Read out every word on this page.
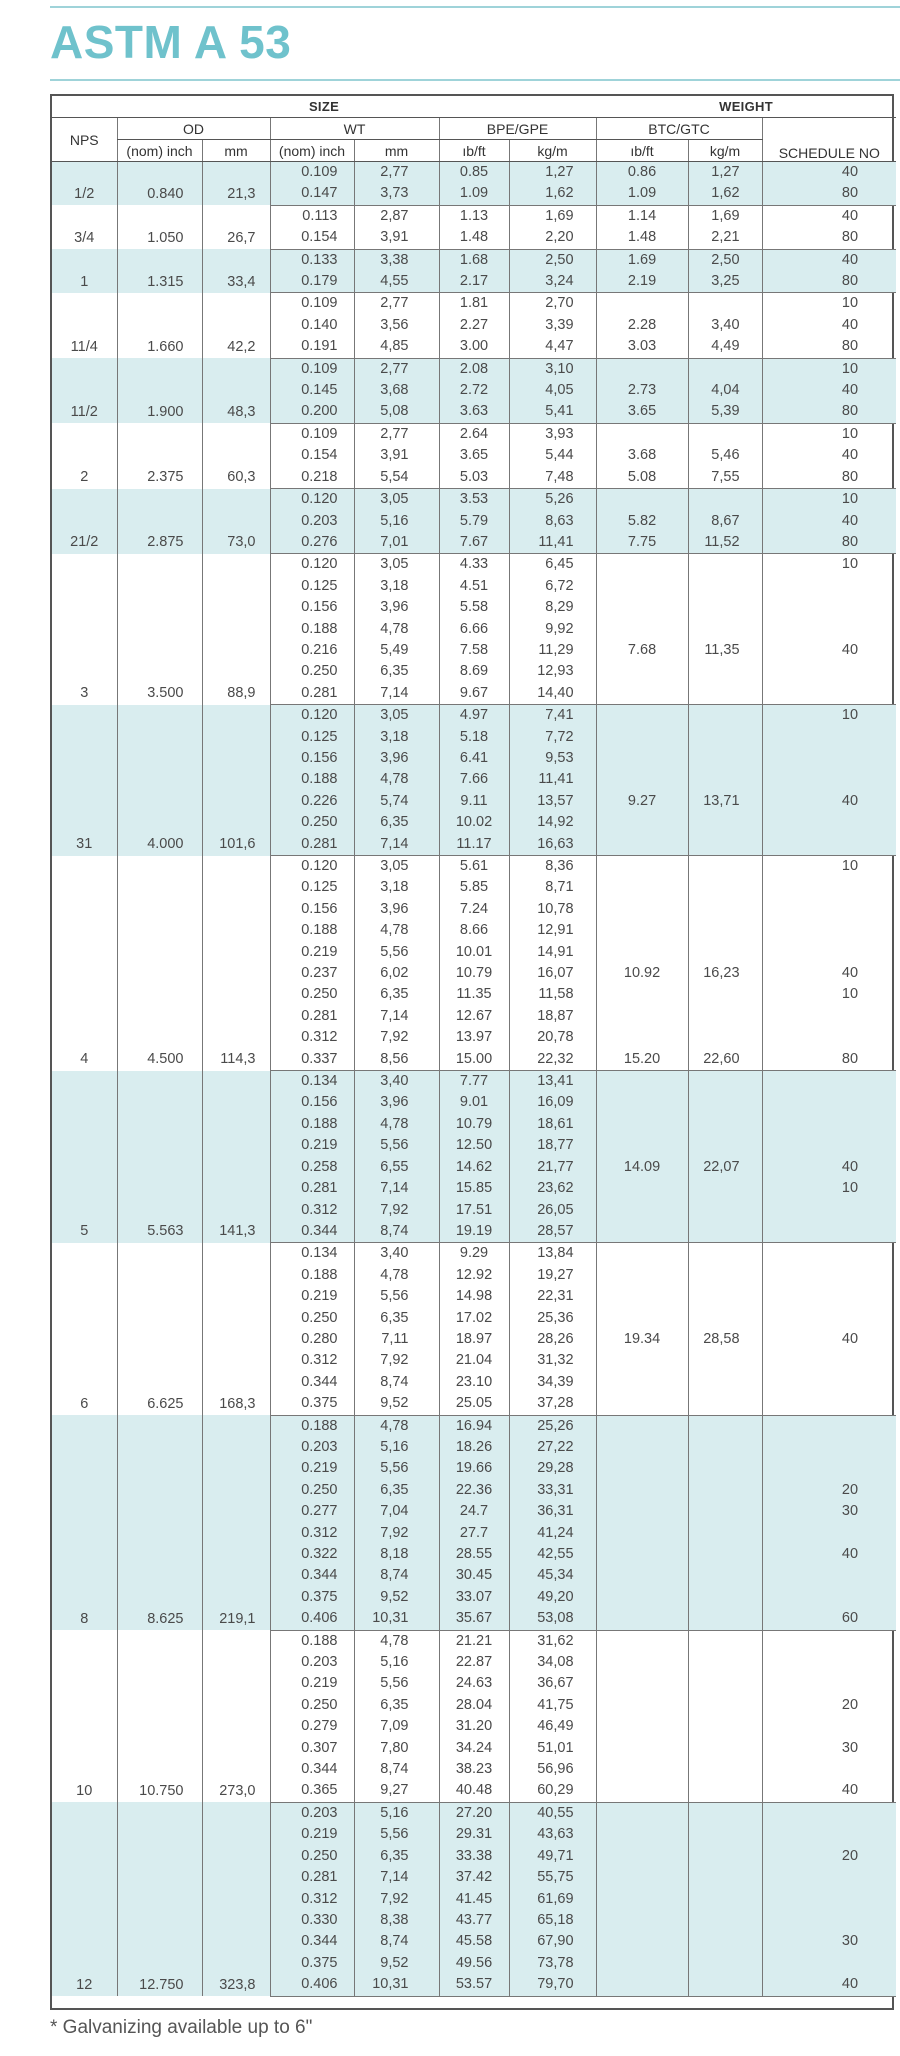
ASTM A 53
SIZE							WEIGHT		
NPS	OD		WT		BPE/GPE		BTC/GTC		SCHEDULE NO
	(nom) inch	mm	(nom) inch	mm	ıb/ft	kg/m	ıb/ft	kg/m	
1/2	0.840	21,3	0.109	2,77	0.85	1,27	0.86	1,27	40
			0.147	3,73	1.09	1,62	1.09	1,62	80
3/4	1.050	26,7	0.113	2,87	1.13	1,69	1.14	1,69	40
			0.154	3,91	1.48	2,20	1.48	2,21	80
1	1.315	33,4	0.133	3,38	1.68	2,50	1.69	2,50	40
			0.179	4,55	2.17	3,24	2.19	3,25	80
11/4	1.660	42,2	0.109	2,77	1.81	2,70			10
			0.140	3,56	2.27	3,39	2.28	3,40	40
			0.191	4,85	3.00	4,47	3.03	4,49	80
11/2	1.900	48,3	0.109	2,77	2.08	3,10			10
			0.145	3,68	2.72	4,05	2.73	4,04	40
			0.200	5,08	3.63	5,41	3.65	5,39	80
2	2.375	60,3	0.109	2,77	2.64	3,93			10
			0.154	3,91	3.65	5,44	3.68	5,46	40
			0.218	5,54	5.03	7,48	5.08	7,55	80
21/2	2.875	73,0	0.120	3,05	3.53	5,26			10
			0.203	5,16	5.79	8,63	5.82	8,67	40
			0.276	7,01	7.67	11,41	7.75	11,52	80
3	3.500	88,9	0.120	3,05	4.33	6,45			10
			0.125	3,18	4.51	6,72			
			0.156	3,96	5.58	8,29			
			0.188	4,78	6.66	9,92			
			0.216	5,49	7.58	11,29	7.68	11,35	40
			0.250	6,35	8.69	12,93			
			0.281	7,14	9.67	14,40			
31	4.000	101,6	0.120	3,05	4.97	7,41			10
			0.125	3,18	5.18	7,72			
			0.156	3,96	6.41	9,53			
			0.188	4,78	7.66	11,41			
			0.226	5,74	9.11	13,57	9.27	13,71	40
			0.250	6,35	10.02	14,92			
			0.281	7,14	11.17	16,63			
4	4.500	114,3	0.120	3,05	5.61	8,36			10
			0.125	3,18	5.85	8,71			
			0.156	3,96	7.24	10,78			
			0.188	4,78	8.66	12,91			
			0.219	5,56	10.01	14,91			
			0.237	6,02	10.79	16,07	10.92	16,23	40
			0.250	6,35	11.35	11,58			10
			0.281	7,14	12.67	18,87			
			0.312	7,92	13.97	20,78			
			0.337	8,56	15.00	22,32	15.20	22,60	80
5	5.563	141,3	0.134	3,40	7.77	13,41			
			0.156	3,96	9.01	16,09			
			0.188	4,78	10.79	18,61			
			0.219	5,56	12.50	18,77			
			0.258	6,55	14.62	21,77	14.09	22,07	40
			0.281	7,14	15.85	23,62			10
			0.312	7,92	17.51	26,05			
			0.344	8,74	19.19	28,57			
6	6.625	168,3	0.134	3,40	9.29	13,84			
			0.188	4,78	12.92	19,27			
			0.219	5,56	14.98	22,31			
			0.250	6,35	17.02	25,36			
			0.280	7,11	18.97	28,26	19.34	28,58	40
			0.312	7,92	21.04	31,32			
			0.344	8,74	23.10	34,39			
			0.375	9,52	25.05	37,28			
8	8.625	219,1	0.188	4,78	16.94	25,26			
			0.203	5,16	18.26	27,22			
			0.219	5,56	19.66	29,28			
			0.250	6,35	22.36	33,31			20
			0.277	7,04	24.7	36,31			30
			0.312	7,92	27.7	41,24			
			0.322	8,18	28.55	42,55			40
			0.344	8,74	30.45	45,34			
			0.375	9,52	33.07	49,20			
			0.406	10,31	35.67	53,08			60
10	10.750	273,0	0.188	4,78	21.21	31,62			
			0.203	5,16	22.87	34,08			
			0.219	5,56	24.63	36,67			
			0.250	6,35	28.04	41,75			20
			0.279	7,09	31.20	46,49			
			0.307	7,80	34.24	51,01			30
			0.344	8,74	38.23	56,96			
			0.365	9,27	40.48	60,29			40
12	12.750	323,8	0.203	5,16	27.20	40,55			
			0.219	5,56	29.31	43,63			
			0.250	6,35	33.38	49,71			20
			0.281	7,14	37.42	55,75			
			0.312	7,92	41.45	61,69			
			0.330	8,38	43.77	65,18			
			0.344	8,74	45.58	67,90			30
			0.375	9,52	49.56	73,78			
			0.406	10,31	53.57	79,70			40
* Galvanizing available up to 6"
